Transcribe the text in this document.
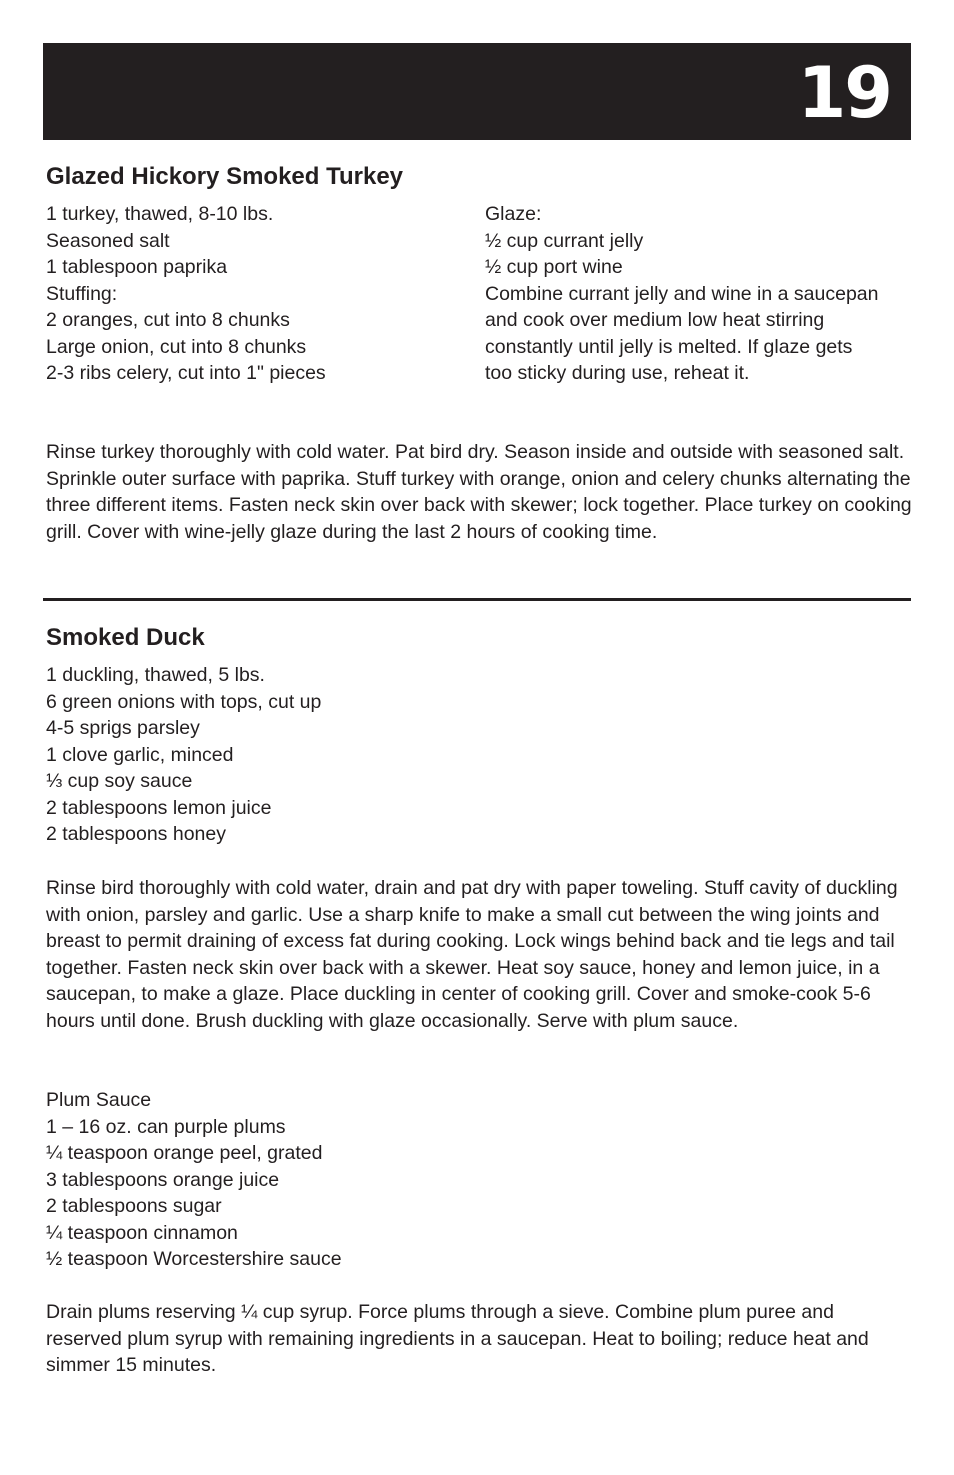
19
Glazed Hickory Smoked Turkey
1 turkey, thawed, 8-10 lbs.
Seasoned salt
1 tablespoon paprika
Stuffing:
2 oranges, cut into 8 chunks
Large onion, cut into 8 chunks
2-3 ribs celery, cut into 1" pieces
Glaze:
½ cup currant jelly
½ cup port wine
Combine currant jelly and wine in a saucepan
and cook over medium low heat stirring
constantly until jelly is melted. If glaze gets
too sticky during use, reheat it.

Rinse turkey thoroughly with cold water. Pat bird dry. Season inside and outside with seasoned salt. Sprinkle outer surface with paprika. Stuff turkey with orange, onion and celery chunks alternating the three different items. Fasten neck skin over back with skewer; lock together. Place turkey on cooking grill. Cover with wine-jelly glaze during the last 2 hours of cooking time.

Smoked Duck
1 duckling, thawed, 5 lbs.
6 green onions with tops, cut up
4-5 sprigs parsley
1 clove garlic, minced
⅓ cup soy sauce
2 tablespoons lemon juice
2 tablespoons honey

Rinse bird thoroughly with cold water, drain and pat dry with paper toweling. Stuff cavity of duckling with onion, parsley and garlic. Use a sharp knife to make a small cut between the wing joints and breast to permit draining of excess fat during cooking. Lock wings behind back and tie legs and tail together. Fasten neck skin over back with a skewer. Heat soy sauce, honey and lemon juice, in a saucepan, to make a glaze. Place duckling in center of cooking grill. Cover and smoke-cook 5-6 hours until done. Brush duckling with glaze occasionally. Serve with plum sauce.

Plum Sauce
1 – 16 oz. can purple plums
¼ teaspoon orange peel, grated
3 tablespoons orange juice
2 tablespoons sugar
¼ teaspoon cinnamon
½ teaspoon Worcestershire sauce

Drain plums reserving ¼ cup syrup. Force plums through a sieve. Combine plum puree and reserved plum syrup with remaining ingredients in a saucepan. Heat to boiling; reduce heat and simmer 15 minutes.
